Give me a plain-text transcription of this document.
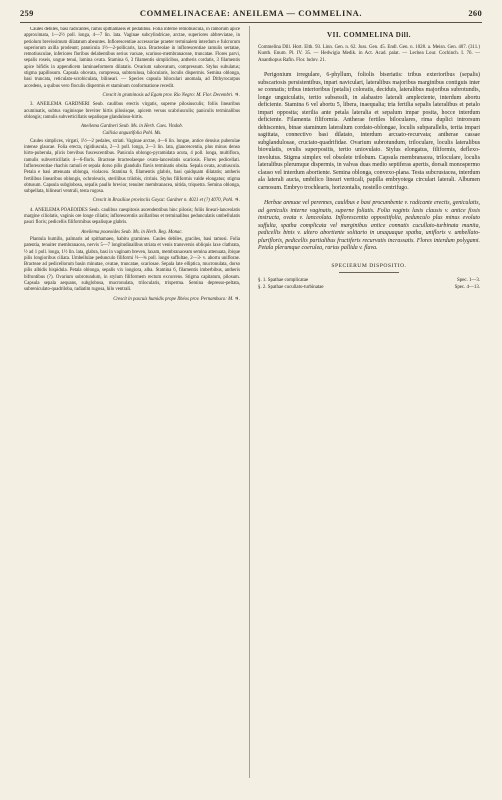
259	COMMELINACEAE: ANEILEMA — COMMELINA.	260

Caules debiles, basi radicantes, ramis spithamaeis et pedalibus. Folia inferne remotiuscula, in ramorum apice approximata, 1—2½ poll. longa, 4—7 lin. lata. Vaginae subcylindricae, arctae, superiores abbreviatae, in petiolum brevissimum dilatatum abeuntes. Inflorescentiae accessoriae praeter terminalem interdum e fulcrorum superiorum axilla prodeunt; pannicula 1½—2-pollicaris, laxa. Bracteolae in inflorescentiae ramulis sertatae, remotiusculae, inferiores floribus delabentibus serius vacuae, scarioso-membranaceae, truncatae. Flores parvi, sepalis roseis, ungue tenui, lamina ovata. Stamina 6, 3 filamentis simplicibus, antheris cordatis, 3 filamentis apice bifidis in appendicem laminaeformem dilatatis. Ovarium subovatum, compressum. Stylus subulatus; stigma papillosum. Capsula obovata, compressa, subtorulosa, bilocularis, loculis dispermis. Semina oblonga, basi truncata, reticulato-scrobiculata, bilineari. — Species capsula biloculari anomala, ad Dithyrocarpus accedens, a quibus vero floculis dispermis et staminum conformatione recedit.

Crescit in graminosis ad Egam prov. Rio Negro: M. Flor. Decembri. ♃.

3. ANEILEMA GARDNERI Seub. caulibus erectis virgatis, superne pilosiusculis; foliis linearibus acuminatis, subtus vaginisque breviter hirtis pilosisque, apicem versus scabriusculis; paniculis terminalibus oblongis; ramulis subverticillatis sepalisque glanduloso-hirtis.

Aneilema Gardneri Seub. Ms. in Herb. Caes. Vindob.

Callisia angustifolia Pohl. Ms.

Caules simplices, virgati, 1½—2 pedales, striati. Vaginae arctae, 4—6 lin. longae, antice densius puberulae intense glaucae. Folia erecta, rigidiuscula, 2—3 poll. longa, 2—3 lin. lata, glaucescentia, plus minus denso hirto-puberula, plicis brevibus fuscescentibus. Panicula oblongo-pyramidata acuta, 4 poll. longa, multiflora, ramulis subverticillatis 4—6-floris. Bracteae bracteolaeque ovato-lanceolatis scariosis. Flores pedicellati. Inflorescentiae rhachis ramuli et sepala dorso pilis glandulis flavis terminatis obsita. Sepala ovata, acutiuscula. Petala e basi attenuata oblonga, violacea. Stamina 6, filamentis glabris, basi quidquam dilatatis; antheris fertilibus linearibus oblongis, ochroleucis, sterilibus trilobis, citrinis. Stylus filiformis valde elongatus; stigma obtusum. Capsula subglobosa, sepalis paullo brevior, tenuiter membranacea, nitida, triquetra. Semina oblonga, subpellata, bilineari ventrali, testa rugosa.

Crescit in Brasiliae provinciis Goyaz: Gardner n. 4021 et (?) 4070, Pohl. ♃.

4. ANEILEMA POAEOIDES Seub. caulibus caespitosis ascendentibus hinc pilosis; foliis lineari-lanceolatis margine ciliolatis, vaginis ore longe ciliatis; inflorescentiis axillaribus et terminalibus pedunculatis umbellulatis pauci floris; pedicellis filiformibus sepalisque glabris.

Aneilema poaeoides Seub. Ms. in Herb. Reg. Monac.

Plantula humilis, palmaris ad spithamaeo, habitu gramineo. Caules debiles, graciles, basi ramosi. Folia patentia, tenuiter membranacea, nervis 5—7 longitudinalibus striata et venis transversis obliquis laxe clathrata, ½ ad 1 poll. longa, 1½ lin. lata, glabra, basi in vaginam breven, laxam, membranaceam semina attenuata, ibique pilis longioribus ciliata. Umbellulae pedunculo filiformi ½—¾ poll. longo suffultae, 2—3- v. abortu uniflorae. Bracteae ad pedicellorum basin minutae, ovatae, truncatae, scariosae. Sepala late elliptica, mucronulata, dorso pilis albidis hispidula. Petala oblonga, sepalis vix longiora, alba. Stamina 6, filamentis imberbibus, antheris bifrontibus (?). Ovarium subrotundum, in stylum filiformem rectum excurrens. Stigma capitatum, pilosum. Capsula sepala aequans, subglobosa, mucronulata, trilocularis, trisperma. Semina depresso-peltata, subreniculato-quadriloba, radiatim rugosa, hilo ventrali.

Crescit in pascuis humidis prope Ilhéos prov. Pernambuco: M. ♃.

VII. COMMELINA Dill.

Commelina Dill. Hort. Elth. 93. Linn. Gen. n. 62. Juss. Gen. 45. Endl. Gen. n. 1028. a. Meisn. Gen. 407. (311.) Kunth. Enum. Pl. IV. 35. — Hedwigia Medik. in Act. Acad. palat. — Lechea Lour. Cochinch. I. 76. — Ananthopus Rafin. Flor. ludov. 21.

Perigonium irregulare, 6-phyllum, foliolis biseriatis: tribus exterioribus (sepalis) subscariosis persistentibus, inpari naviculari, lateralibus majoribus marginibus contiguis inter se connatis; tribus interioribus (petalis) coloratis, deciduis, lateralibus majoribus subrotundis, longe unguiculatis, tertio subsessili, in alabastro laterali amplectente, interdum abortu deficiente. Stamina 6 vel abortu 5, libera, inaequalia; tria fertilia sepalis lateralibus et petalo impari opposita; sterilia ante petala lateralia et sepalum impar posita, hocce interdum deficiente. Filamenta filiformia. Antherae fertiles biloculares, rima duplici introrsum dehiscentes, binae staminum lateralium cordato-oblongae, loculis subparallelis, tertia impari sagittata, connectivo basi dilatato, interdum arcuato-recurvata; antherae cassae subglandulosae, cruciato-quadrifidae. Ovarium subrotundum, triloculare, loculis lateralibus biovulatis, ovulis superpositis, tertio uniovulato. Stylus elongatus, filiformis, deflexo-involutus. Stigma simplex vel obsolete trilobum. Capsula membranacea, triloculare, loculis lateralibus plerumque dispermis, in valvas duas medio septiferas apertis, dorsali monospermo clauso vel interdum abortiente. Semina oblonga, convexo-plana. Testa subcrustacea, interdum ala laterali aucta, umbilico lineari verticali, papilla embryotega circulari laterali. Albumen carnosum. Embryo trochlearis, horizontalis, nostello centrifugo.

Herbae annuae vel perennes, caulibus e basi procumbente v. radicante erectis, geniculatis, ad geniculis interne vaginatis, superne foliatis. Folia vaginis laxis clausis v. antice fissis instructa, ovata v. lanceolata. Inflorescentia oppositifolia, pedunculo plus minus evoluto suffulta, spatha complicata vel marginibus antice connatis cucullato-turbinata munita, pedicellis binis v. ulterо abortiente solitario in unaquaque spatha, unifloris v. umbellato-pluriflоris, pedicellis partialibus fructiferis recurvatis incrassatis. Flores interdum polygami. Petala plerumque coerulea, rarius pallida v. flava.

SPECIERUM DISPOSITIO.
§. 1. Spathae complicatae	Spec. 1—3.
§. 2. Spathae cucullato-turbinatae	Spec. 4—13.
